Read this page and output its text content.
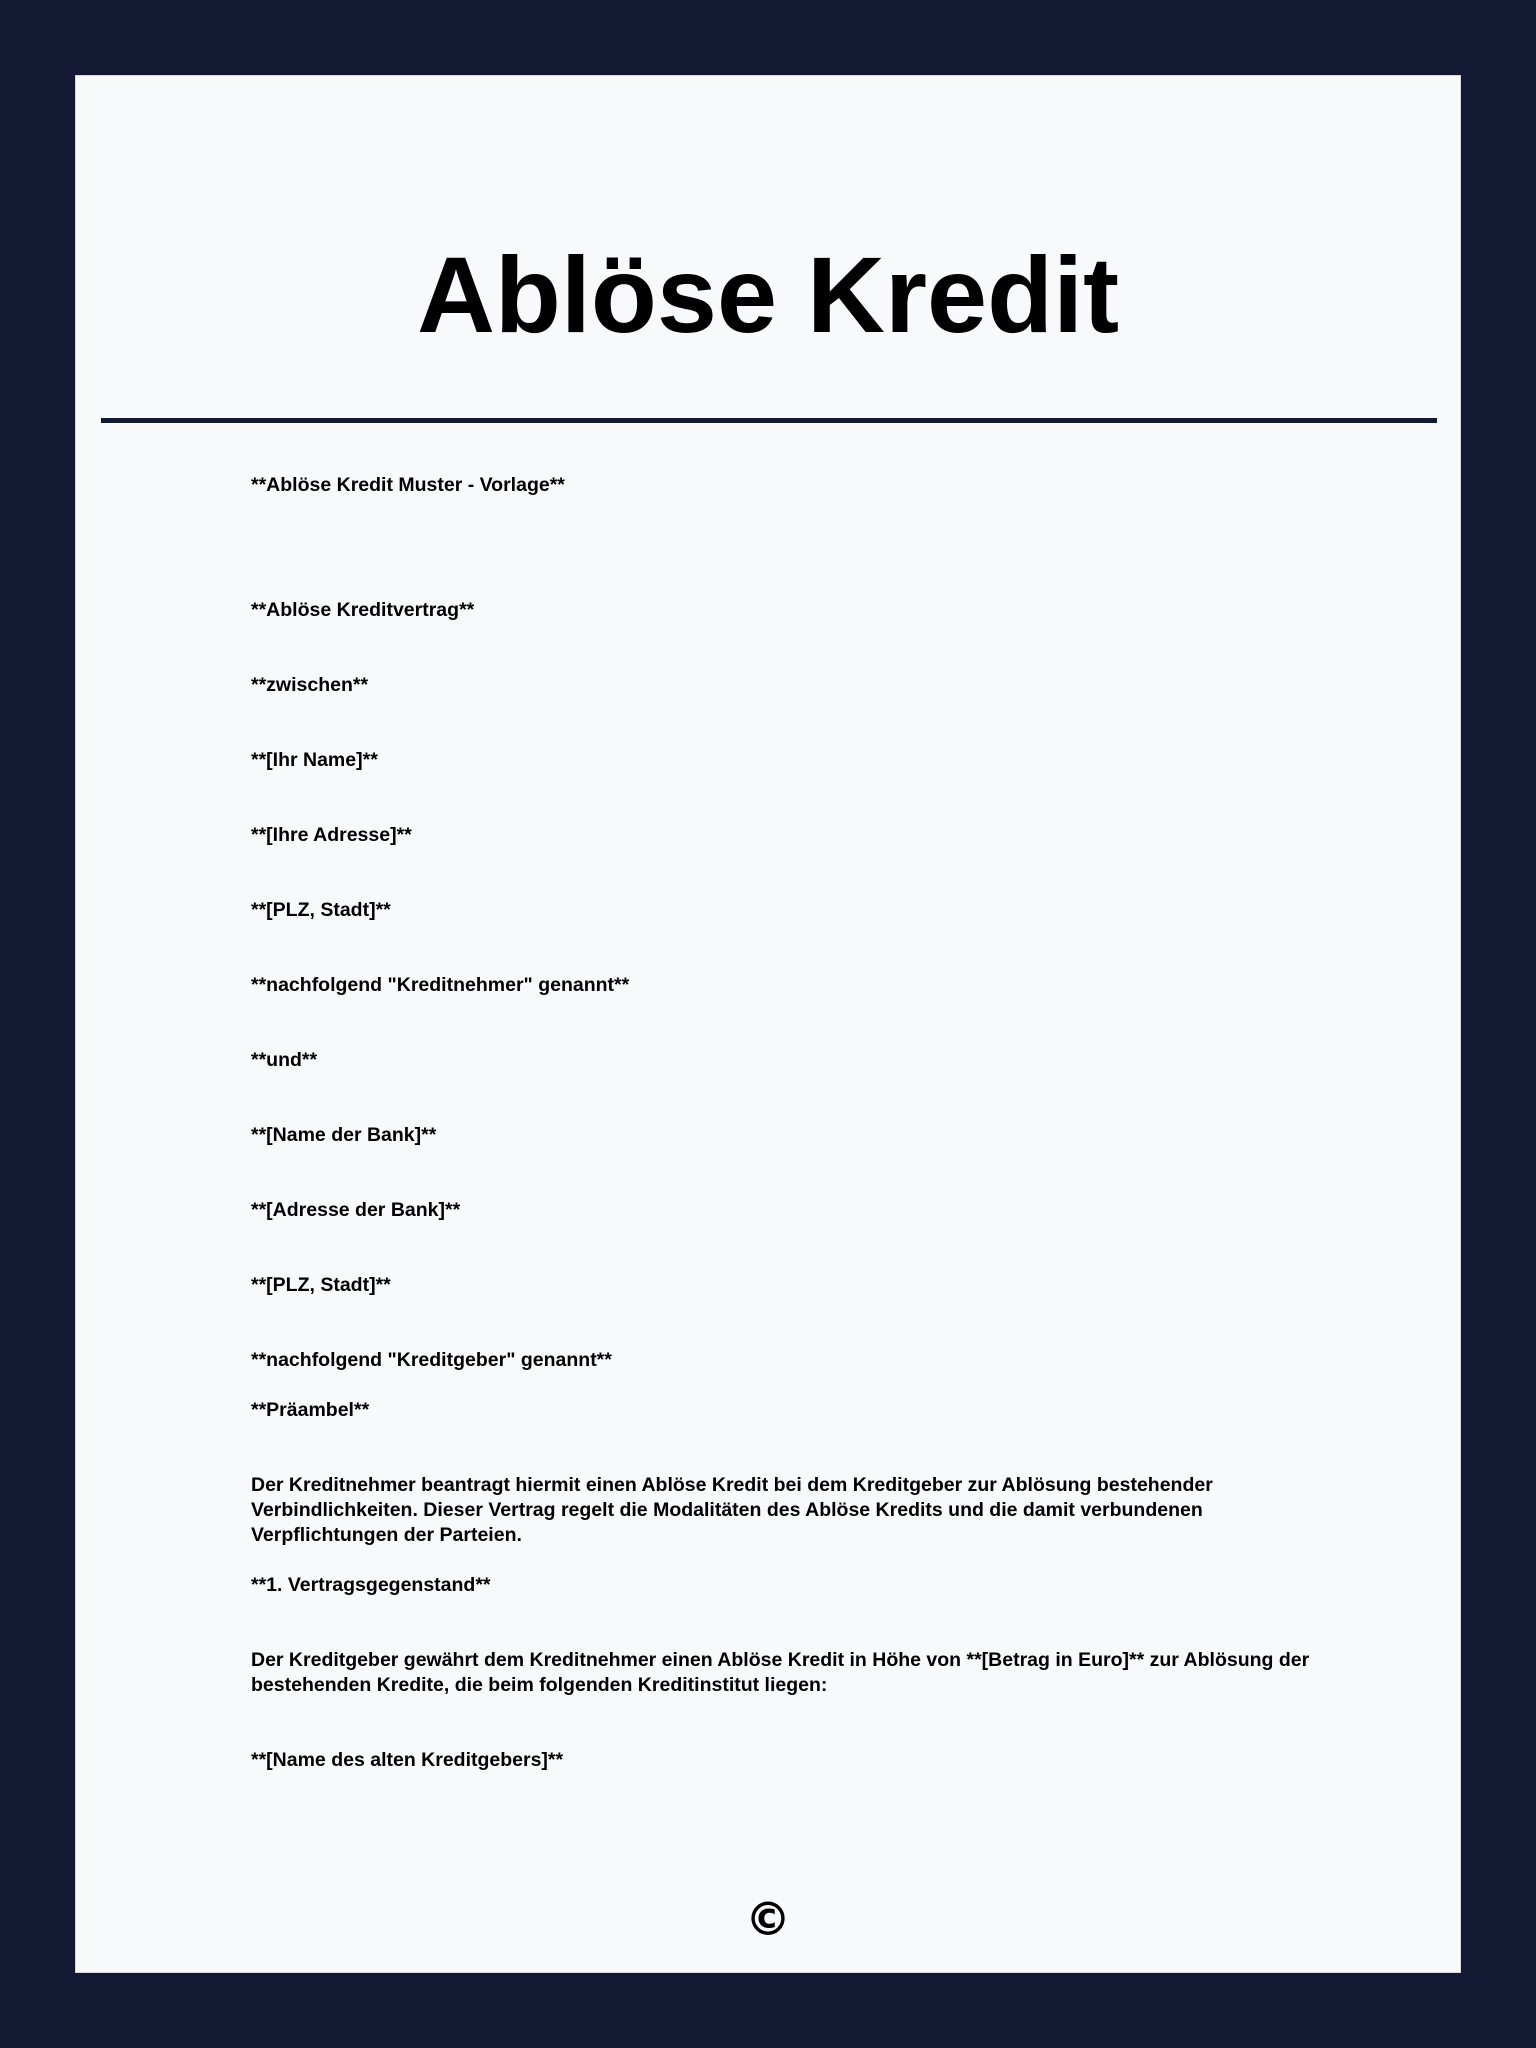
Ablöse Kredit

**Ablöse Kredit Muster - Vorlage**

**Ablöse Kreditvertrag**

**zwischen**

**[Ihr Name]**

**[Ihre Adresse]**

**[PLZ, Stadt]**

**nachfolgend "Kreditnehmer" genannt**

**und**

**[Name der Bank]**

**[Adresse der Bank]**

**[PLZ, Stadt]**

**nachfolgend "Kreditgeber" genannt**

**Präambel**

Der Kreditnehmer beantragt hiermit einen Ablöse Kredit bei dem Kreditgeber zur Ablösung bestehender Verbindlichkeiten. Dieser Vertrag regelt die Modalitäten des Ablöse Kredits und die damit verbundenen Verpflichtungen der Parteien.

**1. Vertragsgegenstand**

Der Kreditgeber gewährt dem Kreditnehmer einen Ablöse Kredit in Höhe von **[Betrag in Euro]** zur Ablösung der bestehenden Kredite, die beim folgenden Kreditinstitut liegen:

**[Name des alten Kreditgebers]**

©
